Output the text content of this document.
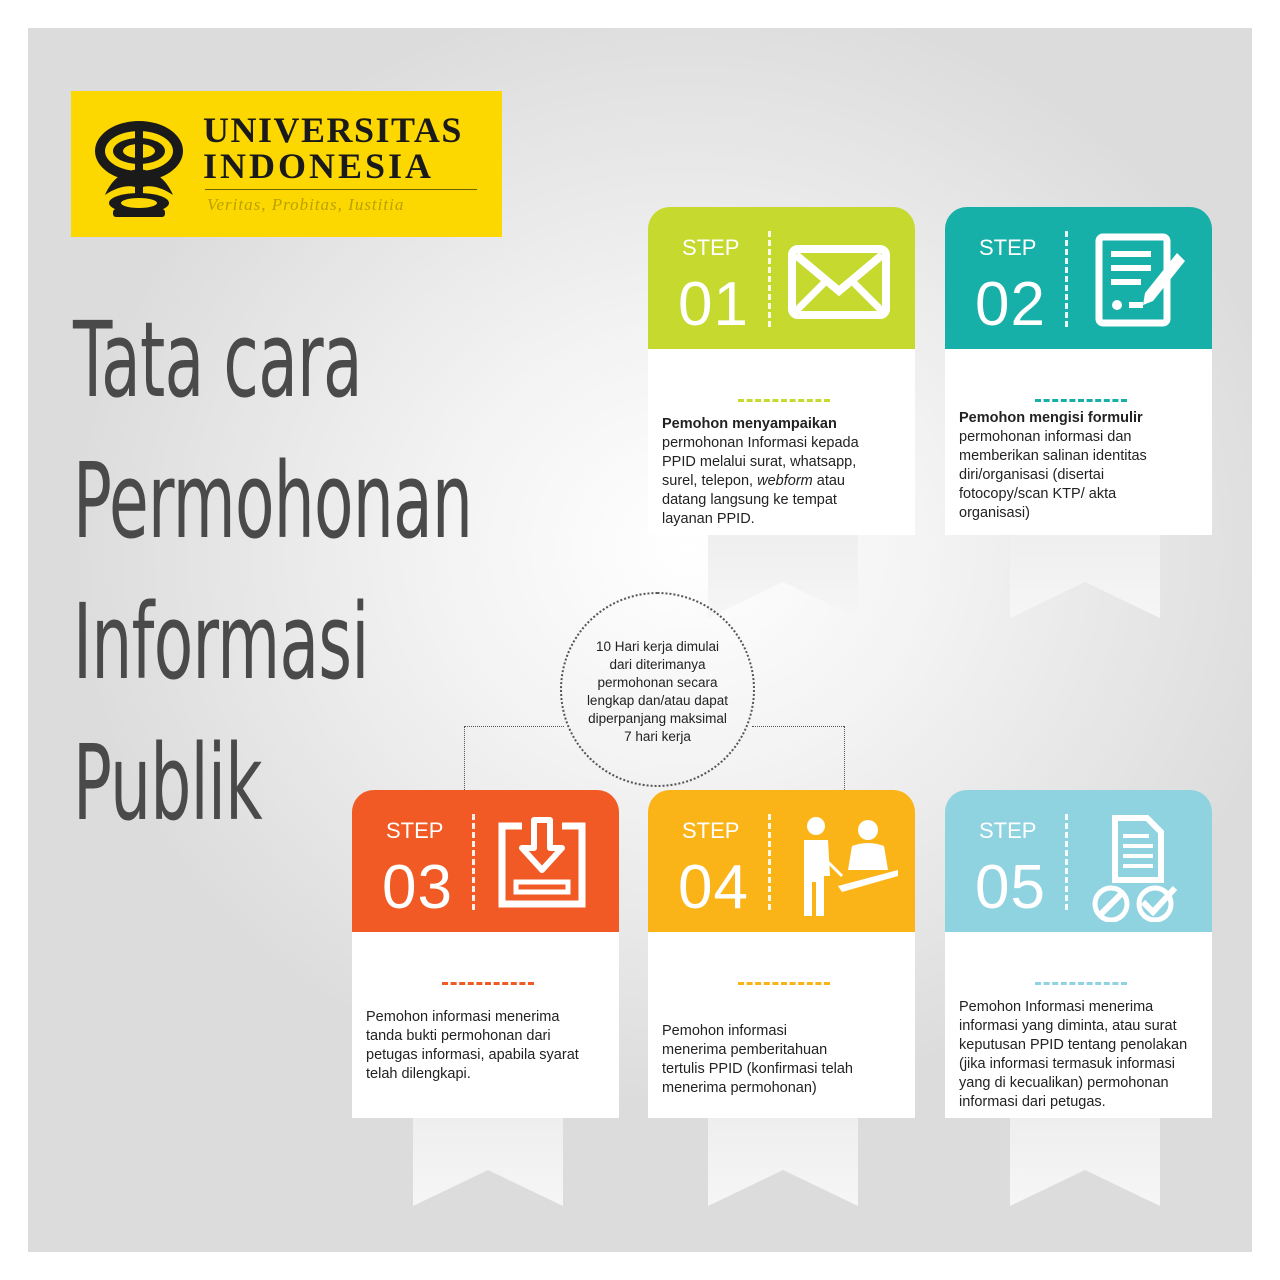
UNIVERSITAS
INDONESIA
Veritas, Probitas, Iustitia
Tata cara
Permohonan
Informasi
Publik
STEP
01
Pemohon menyampaikan
permohonan Informasi kepada
PPID melalui surat, whatsapp,
surel, telepon, webform atau
datang langsung ke tempat
layanan PPID.
STEP
02
Pemohon mengisi formulir
permohonan informasi dan
memberikan salinan identitas
diri/organisasi (disertai
fotocopy/scan KTP/ akta
organisasi)
10 Hari kerja dimulai
dari diterimanya
permohonan secara
lengkap dan/atau dapat
diperpanjang maksimal
7 hari kerja
STEP
03
Pemohon informasi menerima
tanda bukti permohonan dari
petugas informasi, apabila syarat
telah dilengkapi.
STEP
04
Pemohon informasi
menerima pemberitahuan
tertulis PPID (konfirmasi telah
menerima permohonan)
STEP
05
Pemohon Informasi menerima
informasi yang diminta, atau surat
keputusan PPID tentang penolakan
(jika informasi termasuk informasi
yang di kecualikan) permohonan
informasi dari petugas.
